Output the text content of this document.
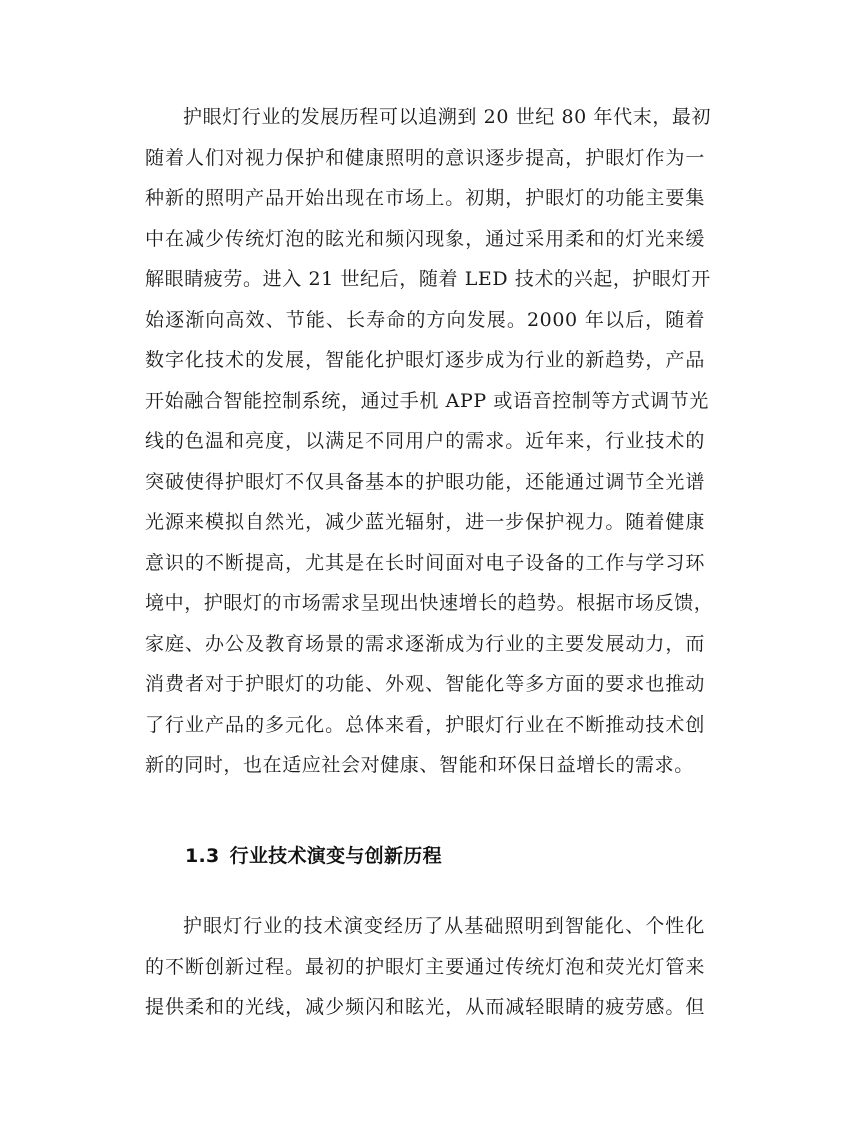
护眼灯行业的发展历程可以追溯到 20 世纪 80 年代末，最初
随着人们对视力保护和健康照明的意识逐步提高，护眼灯作为一
种新的照明产品开始出现在市场上。初期，护眼灯的功能主要集
中在减少传统灯泡的眩光和频闪现象，通过采用柔和的灯光来缓
解眼睛疲劳。进入 21 世纪后，随着 LED 技术的兴起，护眼灯开
始逐渐向高效、节能、长寿命的方向发展。2000 年以后，随着
数字化技术的发展，智能化护眼灯逐步成为行业的新趋势，产品
开始融合智能控制系统，通过手机 APP 或语音控制等方式调节光
线的色温和亮度，以满足不同用户的需求。近年来，行业技术的
突破使得护眼灯不仅具备基本的护眼功能，还能通过调节全光谱
光源来模拟自然光，减少蓝光辐射，进一步保护视力。随着健康
意识的不断提高，尤其是在长时间面对电子设备的工作与学习环
境中，护眼灯的市场需求呈现出快速增长的趋势。根据市场反馈，
家庭、办公及教育场景的需求逐渐成为行业的主要发展动力，而
消费者对于护眼灯的功能、外观、智能化等多方面的要求也推动
了行业产品的多元化。总体来看，护眼灯行业在不断推动技术创
新的同时，也在适应社会对健康、智能和环保日益增长的需求。
1.3 行业技术演变与创新历程
护眼灯行业的技术演变经历了从基础照明到智能化、个性化
的不断创新过程。最初的护眼灯主要通过传统灯泡和荧光灯管来
提供柔和的光线，减少频闪和眩光，从而减轻眼睛的疲劳感。但
